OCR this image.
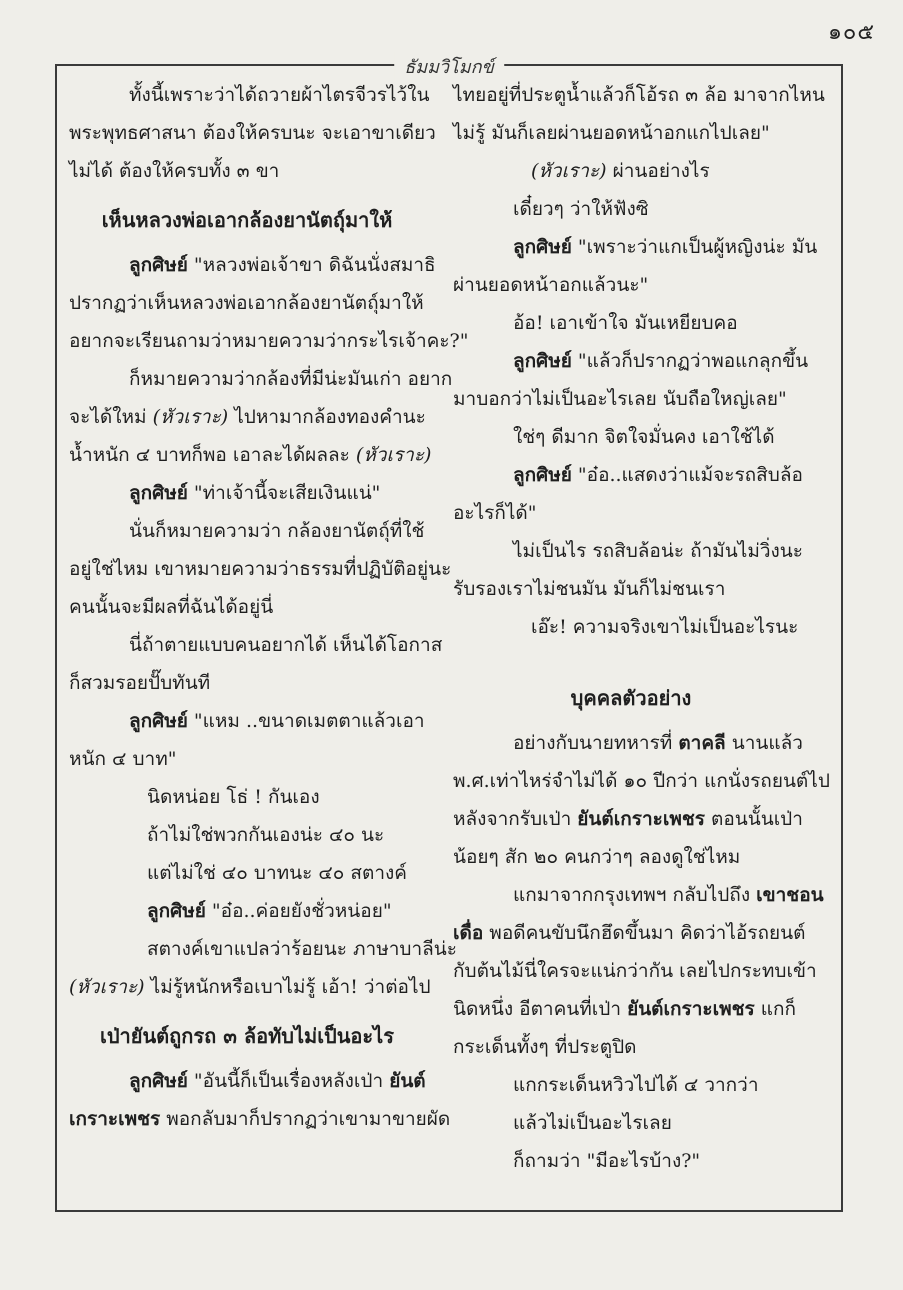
๑๐๕
ธัมมวิโมกข์
ทั้งนี้เพราะว่าได้ถวายผ้าไตรจีวรไว้ใน
พระพุทธศาสนา ต้องให้ครบนะ จะเอาขาเดียว
ไม่ได้ ต้องให้ครบทั้ง ๓ ขา
เห็นหลวงพ่อเอากล้องยานัตถุ์มาให้
ลูกศิษย์ "หลวงพ่อเจ้าขา ดิฉันนั่งสมาธิ
ปรากฏว่าเห็นหลวงพ่อเอากล้องยานัตถุ์มาให้
อยากจะเรียนถามว่าหมายความว่ากระไรเจ้าคะ?"
ก็หมายความว่ากล้องที่มีน่ะมันเก่า อยาก
จะได้ใหม่ (หัวเราะ) ไปหามากล้องทองคำนะ
น้ำหนัก ๔ บาทก็พอ เอาละได้ผลละ (หัวเราะ)
ลูกศิษย์ "ท่าเจ้านี้จะเสียเงินแน่"
นั่นก็หมายความว่า กล้องยานัตถุ์ที่ใช้
อยู่ใช่ไหม เขาหมายความว่าธรรมที่ปฏิบัติอยู่นะ
คนนั้นจะมีผลที่ฉันได้อยู่นี่
นี่ถ้าตายแบบคนอยากได้ เห็นได้โอกาส
ก็สวมรอยปั๊บทันที
ลูกศิษย์ "แหม ..ขนาดเมตตาแล้วเอา
หนัก ๔ บาท"
นิดหน่อย โธ่ ! กันเอง
ถ้าไม่ใช่พวกกันเองน่ะ ๔๐ นะ
แต่ไม่ใช่ ๔๐ บาทนะ ๔๐ สตางค์
ลูกศิษย์ "อ๋อ..ค่อยยังชั่วหน่อย"
สตางค์เขาแปลว่าร้อยนะ ภาษาบาลีน่ะ
(หัวเราะ) ไม่รู้หนักหรือเบาไม่รู้ เอ้า! ว่าต่อไป
เป่ายันต์ถูกรถ ๓ ล้อทับไม่เป็นอะไร
ลูกศิษย์ "อันนี้ก็เป็นเรื่องหลังเป่า ยันต์
เกราะเพชร พอกลับมาก็ปรากฏว่าเขามาขายผัด
ไทยอยู่ที่ประตูน้ำแล้วก็โอ้รถ ๓ ล้อ มาจากไหน
ไม่รู้ มันก็เลยผ่านยอดหน้าอกแกไปเลย"
(หัวเราะ) ผ่านอย่างไร
เดี๋ยวๆ ว่าให้ฟังซิ
ลูกศิษย์ "เพราะว่าแกเป็นผู้หญิงน่ะ มัน
ผ่านยอดหน้าอกแล้วนะ"
อ้อ! เอาเข้าใจ มันเหยียบคอ
ลูกศิษย์ "แล้วก็ปรากฏว่าพอแกลุกขึ้น
มาบอกว่าไม่เป็นอะไรเลย นับถือใหญ่เลย"
ใช่ๆ ดีมาก จิตใจมั่นคง เอาใช้ได้
ลูกศิษย์ "อ๋อ..แสดงว่าแม้จะรถสิบล้อ
อะไรก็ได้"
ไม่เป็นไร รถสิบล้อน่ะ ถ้ามันไม่วิ่งนะ
รับรองเราไม่ชนมัน มันก็ไม่ชนเรา
เอ๊ะ! ความจริงเขาไม่เป็นอะไรนะ
บุคคลตัวอย่าง
อย่างกับนายทหารที่ ตาคลี นานแล้ว
พ.ศ.เท่าไหร่จำไม่ได้ ๑๐ ปีกว่า แกนั่งรถยนต์ไป
หลังจากรับเป่า ยันต์เกราะเพชร ตอนนั้นเป่า
น้อยๆ สัก ๒๐ คนกว่าๆ ลองดูใช่ไหม
แกมาจากกรุงเทพฯ กลับไปถึง เขาชอน
เดื่อ พอดีคนขับนึกฮึดขึ้นมา คิดว่าไอ้รถยนต์
กับต้นไม้นี่ใครจะแน่กว่ากัน เลยไปกระทบเข้า
นิดหนึ่ง อีตาคนที่เป่า ยันต์เกราะเพชร แกก็
กระเด็นทั้งๆ ที่ประตูปิด
แกกระเด็นหวิวไปได้ ๔ วากว่า
แล้วไม่เป็นอะไรเลย
ก็ถามว่า "มีอะไรบ้าง?"
